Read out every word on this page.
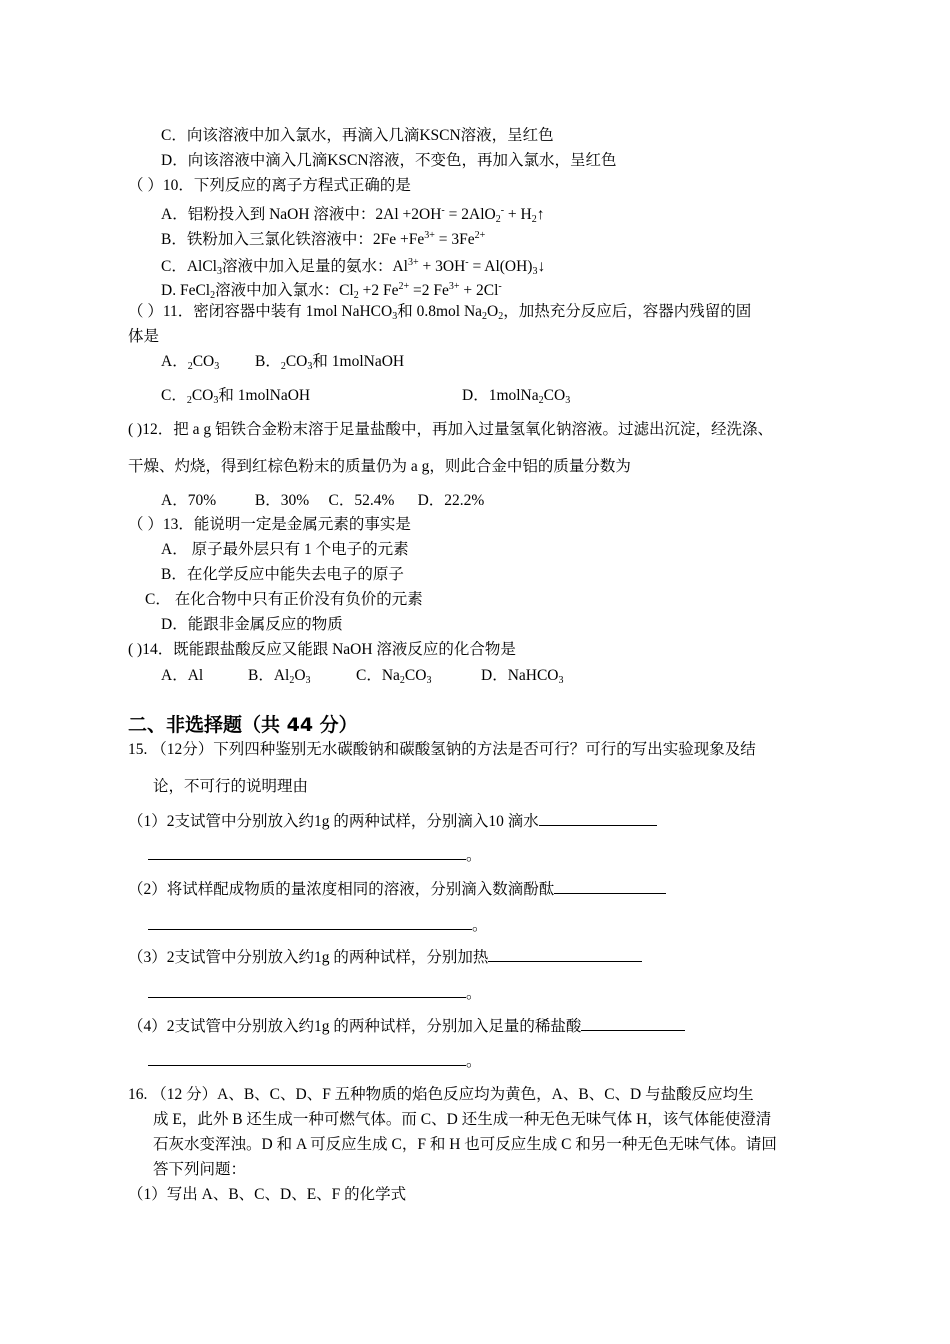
C．向该溶液中加入氯水，再滴入几滴KSCN溶液，呈红色
D．向该溶液中滴入几滴KSCN溶液，不变色，再加入氯水，呈红色
（ ）10．下列反应的离子方程式正确的是
A．铝粉投入到 NaOH 溶液中：$2Al +2OH^- = 2AlO_2^- + H_2↑$
B．铁粉加入三氯化铁溶液中：$2Fe +Fe^{3+} = 3Fe^{2+}$
C．AlCl$_3$溶液中加入足量的氨水：$Al^{3+} + 3OH^-$ = $Al(OH)_3↓$
D. FeCl$_2$溶液中加入氯水：$Cl_2 +2$ $Fe^{2+} =2$ $Fe^{3+} + 2Cl^-$
（ ）11．密闭容器中装有 1mol NaHCO$_3$和 0.8mol $Na_2O_2$，加热充分反应后，容器内残留的固
体是
A．$_2CO_3$ B．$_2CO_3$和 1molNaOH
C．$_2CO_3$和 1molNaOH	D．$1molNa_2CO_3$
( )12．把 a g 铝铁合金粉末溶于足量盐酸中，再加入过量氢氧化钠溶液。过滤出沉淀，经洗涤、
干燥、灼烧，得到红棕色粉末的质量仍为 a g，则此合金中铝的质量分数为
A．70%          B．30%     C．52.4%      D．22.2%
（ ）13．能说明一定是金属元素的事实是
A． 原子最外层只有 1 个电子的元素
B．在化学反应中能失去电子的原子
C． 在化合物中只有正价没有负价的元素
D．能跟非金属反应的物质
( )14．既能跟盐酸反应又能跟 NaOH 溶液反应的化合物是
A．Al	B．$Al_2O_3$	C．$Na_2CO_3$	D．NaHCO$_3$
二、非选择题（共 44 分）
15. （12分）下列四种鉴别无水碳酸钠和碳酸氢钠的方法是否可行？可行的写出实验现象及结
论，不可行的说明理由
（1）2支试管中分别放入约1g 的两种试样，分别滴入10 滴水
。
（2）将试样配成物质的量浓度相同的溶液，分别滴入数滴酚酞
。
（3）2支试管中分别放入约1g 的两种试样，分别加热
。
（4）2支试管中分别放入约1g 的两种试样，分别加入足量的稀盐酸
。
16. （12 分）A、B、C、D、F 五种物质的焰色反应均为黄色，A、B、C、D 与盐酸反应均生
成 E，此外 B 还生成一种可燃气体。而 C、D 还生成一种无色无味气体 H，该气体能使澄清
石灰水变浑浊。D 和 A 可反应生成 C，F 和 H 也可反应生成 C 和另一种无色无味气体。请回
答下列问题：
（1）写出 A、B、C、D、E、F 的化学式
